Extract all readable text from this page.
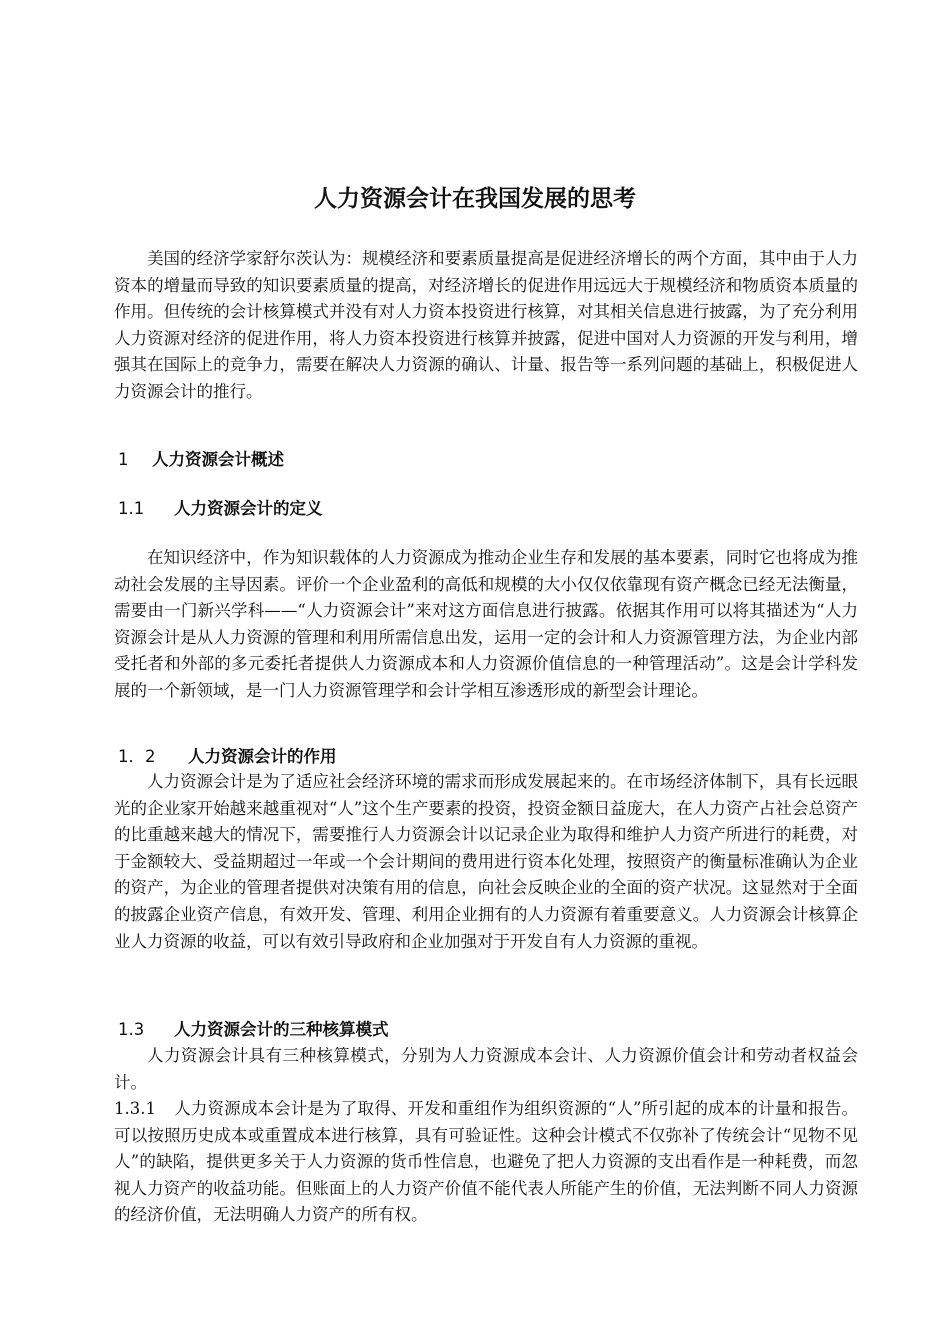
人力资源会计在我国发展的思考

美国的经济学家舒尔茨认为：规模经济和要素质量提高是促进经济增长的两个方面，其中由于人力资本的增量而导致的知识要素质量的提高，对经济增长的促进作用远远大于规模经济和物质资本质量的作用。但传统的会计核算模式并没有对人力资本投资进行核算，对其相关信息进行披露，为了充分利用人力资源对经济的促进作用，将人力资本投资进行核算并披露，促进中国对人力资源的开发与利用，增强其在国际上的竞争力，需要在解决人力资源的确认、计量、报告等一系列问题的基础上，积极促进人力资源会计的推行。

1 人力资源会计概述
1.1 人力资源会计的定义

在知识经济中，作为知识载体的人力资源成为推动企业生存和发展的基本要素，同时它也将成为推动社会发展的主导因素。评价一个企业盈利的高低和规模的大小仅仅依靠现有资产概念已经无法衡量，需要由一门新兴学科——“人力资源会计”来对这方面信息进行披露。依据其作用可以将其描述为“人力资源会计是从人力资源的管理和利用所需信息出发，运用一定的会计和人力资源管理方法，为企业内部受托者和外部的多元委托者提供人力资源成本和人力资源价值信息的一种管理活动”。这是会计学科发展的一个新领域，是一门人力资源管理学和会计学相互渗透形成的新型会计理论。

1．2 人力资源会计的作用

人力资源会计是为了适应社会经济环境的需求而形成发展起来的。在市场经济体制下，具有长远眼光的企业家开始越来越重视对“人”这个生产要素的投资，投资金额日益庞大，在人力资产占社会总资产的比重越来越大的情况下，需要推行人力资源会计以记录企业为取得和维护人力资产所进行的耗费，对于金额较大、受益期超过一年或一个会计期间的费用进行资本化处理，按照资产的衡量标准确认为企业的资产，为企业的管理者提供对决策有用的信息，向社会反映企业的全面的资产状况。这显然对于全面的披露企业资产信息，有效开发、管理、利用企业拥有的人力资源有着重要意义。人力资源会计核算企业人力资源的收益，可以有效引导政府和企业加强对于开发自有人力资源的重视。

1.3 人力资源会计的三种核算模式

人力资源会计具有三种核算模式，分别为人力资源成本会计、人力资源价值会计和劳动者权益会计。

1.3.1 人力资源成本会计是为了取得、开发和重组作为组织资源的“人”所引起的成本的计量和报告。可以按照历史成本或重置成本进行核算，具有可验证性。这种会计模式不仅弥补了传统会计“见物不见人”的缺陷，提供更多关于人力资源的货币性信息，也避免了把人力资源的支出看作是一种耗费，而忽视人力资产的收益功能。但账面上的人力资产价值不能代表人所能产生的价值，无法判断不同人力资源的经济价值，无法明确人力资产的所有权。
